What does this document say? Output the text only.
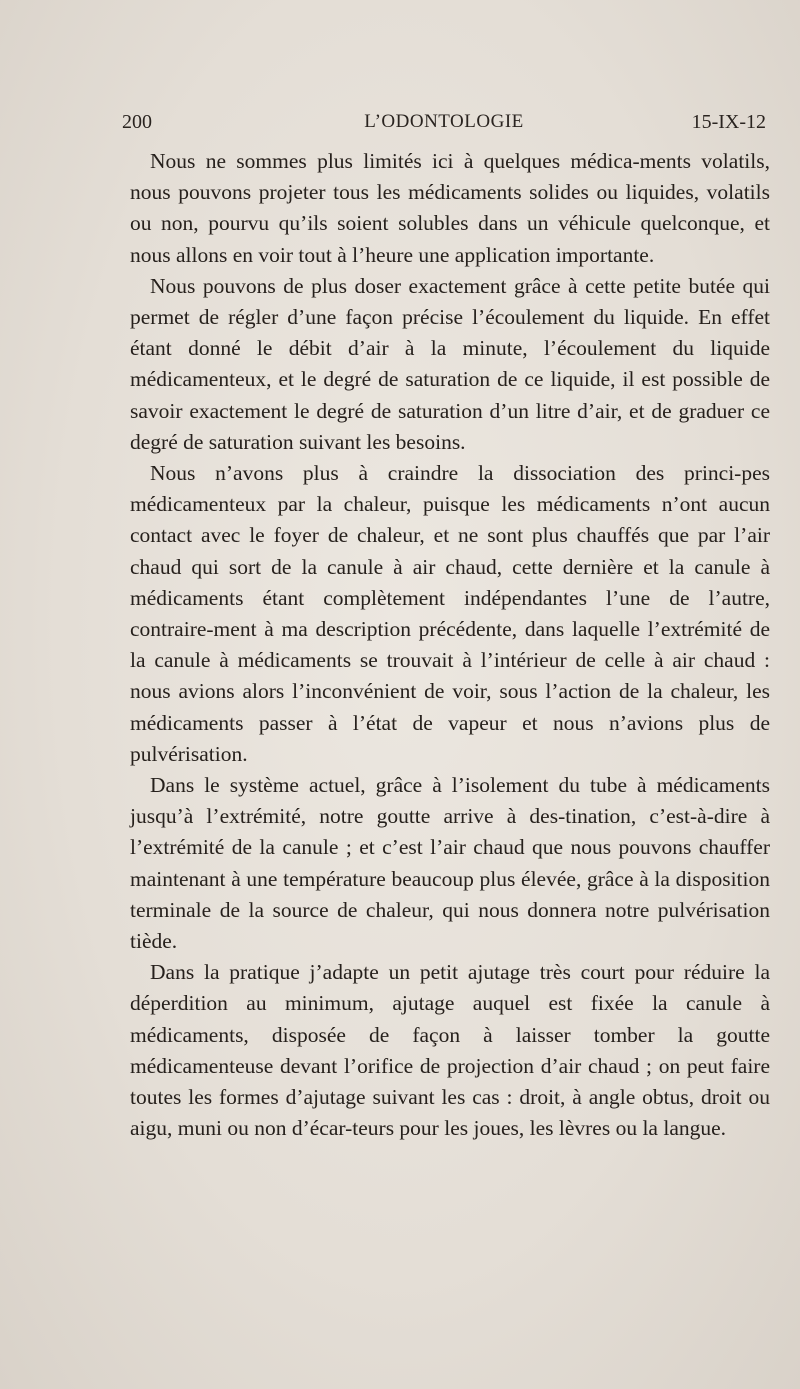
200	L’ODONTOLOGIE	15-IX-12

Nous ne sommes plus limités ici à quelques médica-ments volatils, nous pouvons projeter tous les médicaments solides ou liquides, volatils ou non, pourvu qu’ils soient solubles dans un véhicule quelconque, et nous allons en voir tout à l’heure une application importante.

Nous pouvons de plus doser exactement grâce à cette petite butée qui permet de régler d’une façon précise l’écoulement du liquide. En effet étant donné le débit d’air à la minute, l’écoulement du liquide médicamenteux, et le degré de saturation de ce liquide, il est possible de savoir exactement le degré de saturation d’un litre d’air, et de graduer ce degré de saturation suivant les besoins.

Nous n’avons plus à craindre la dissociation des princi-pes médicamenteux par la chaleur, puisque les médicaments n’ont aucun contact avec le foyer de chaleur, et ne sont plus chauffés que par l’air chaud qui sort de la canule à air chaud, cette dernière et la canule à médicaments étant complètement indépendantes l’une de l’autre, contraire-ment à ma description précédente, dans laquelle l’extrémité de la canule à médicaments se trouvait à l’intérieur de celle à air chaud : nous avions alors l’inconvénient de voir, sous l’action de la chaleur, les médicaments passer à l’état de vapeur et nous n’avions plus de pulvérisation.

Dans le système actuel, grâce à l’isolement du tube à médicaments jusqu’à l’extrémité, notre goutte arrive à des-tination, c’est-à-dire à l’extrémité de la canule ; et c’est l’air chaud que nous pouvons chauffer maintenant à une température beaucoup plus élevée, grâce à la disposition terminale de la source de chaleur, qui nous donnera notre pulvérisation tiède.

Dans la pratique j’adapte un petit ajutage très court pour réduire la déperdition au minimum, ajutage auquel est fixée la canule à médicaments, disposée de façon à laisser tomber la goutte médicamenteuse devant l’orifice de projection d’air chaud ; on peut faire toutes les formes d’ajutage suivant les cas : droit, à angle obtus, droit ou aigu, muni ou non d’écar-teurs pour les joues, les lèvres ou la langue.
